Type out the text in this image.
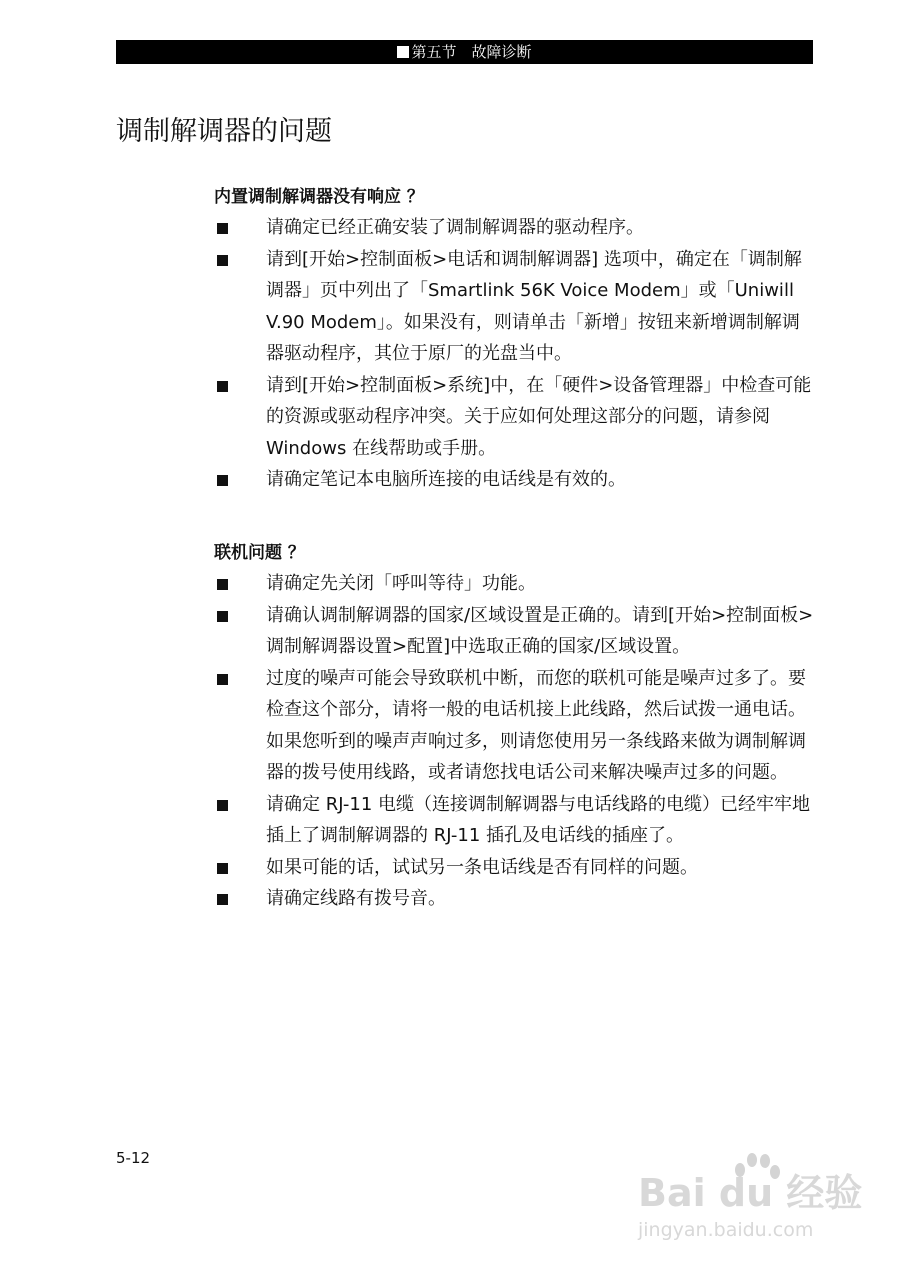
第五节　故障诊断
调制解调器的问题
内置调制解调器没有响应 ？
请确定已经正确安装了调制解调器的驱动程序。
请到[开始>控制面板>电话和调制解调器] 选项中，确定在「调制解调器」页中列出了「Smartlink 56K Voice Modem」或「Uniwill V.90 Modem」。如果没有，则请单击「新增」按钮来新增调制解调器驱动程序，其位于原厂的光盘当中。
请到[开始>控制面板>系统]中，在「硬件>设备管理器」中检查可能的资源或驱动程序冲突。关于应如何处理这部分的问题，请参阅 Windows 在线帮助或手册。
请确定笔记本电脑所连接的电话线是有效的。
联机问题 ？
请确定先关闭「呼叫等待」功能。
请确认调制解调器的国家/区域设置是正确的。请到[开始>控制面板>调制解调器设置>配置]中选取正确的国家/区域设置。
过度的噪声可能会导致联机中断，而您的联机可能是噪声过多了。要检查这个部分，请将一般的电话机接上此线路，然后试拨一通电话。如果您听到的噪声声响过多，则请您使用另一条线路来做为调制解调器的拨号使用线路，或者请您找电话公司来解决噪声过多的问题。
请确定 RJ-11 电缆（连接调制解调器与电话线路的电缆）已经牢牢地插上了调制解调器的 RJ-11 插孔及电话线的插座了。
如果可能的话，试试另一条电话线是否有同样的问题。
请确定线路有拨号音。
5-12
Bai du 经验
jingyan.baidu.com
